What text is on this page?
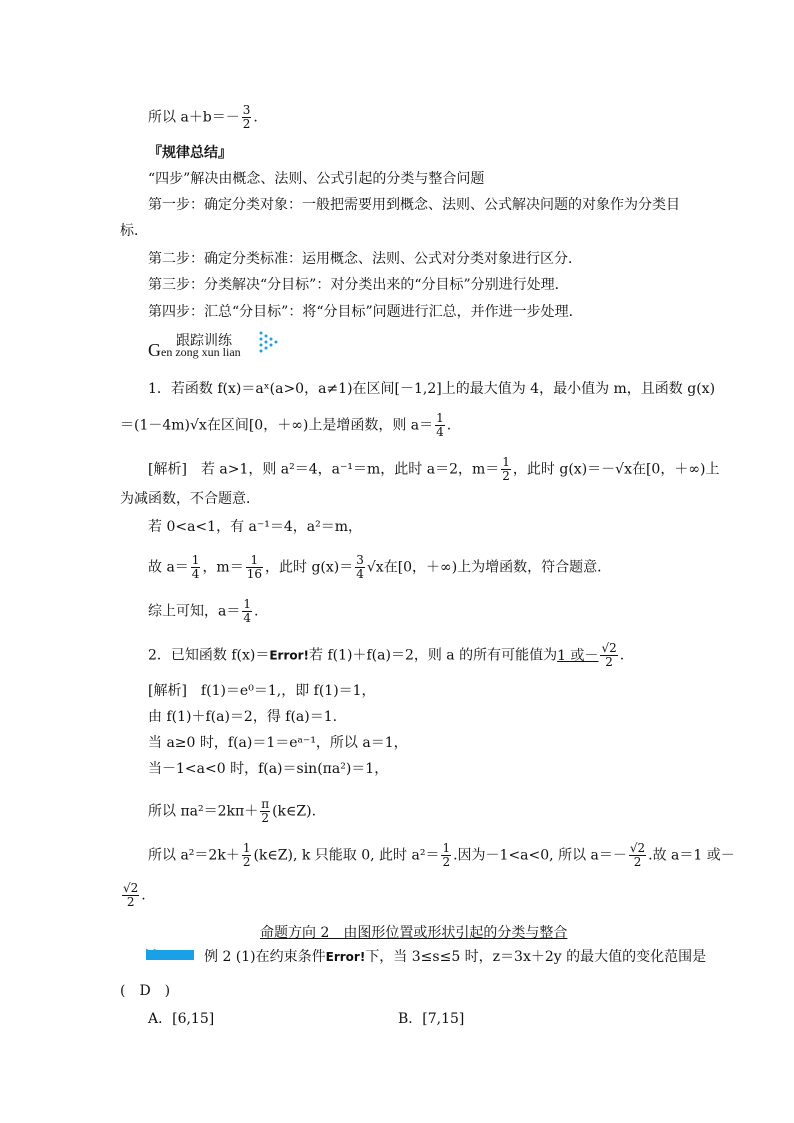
所以 $a+b=- \frac{3}{2}$ .
『规律总结』
“四步”解决由概念、法则、公式引起的分类与整合问题
第一步：确定分类对象：一般把需要用到概念、法则、公式解决问题的对象作为分类目
标．
第二步：确定分类标准：运用概念、法则、公式对分类对象进行区分．
第三步：分类解决“分目标”：对分类出来的“分目标”分别进行处理．
第四步：汇总“分目标”：将“分目标”问题进行汇总，并作进一步处理．
跟踪训练
Gen zong xun lian
1．若函数 f(x)＝aˣ(a>0，a≠1)在区间[－1,2]上的最大值为 4，最小值为 m，且函数 g(x)
＝(1－4m)√x在区间[0，＋∞)上是增函数，则 $a= \frac{1}{4}$ .
[解析]　若 a>1，则 a²＝4，a⁻¹＝m，此时 a＝2，$m= \frac{1}{2}$ ，此时 g(x)＝－√x在[0，＋∞)上
为减函数，不合题意．
若 0<a<1，有 a⁻¹＝4，a²＝m，
故 $a= \frac{1}{4}$ ，$m= \frac{1}{16}$ ，此时 $g(x)= \frac{3}{4} √x$在[0，＋∞)上为增函数，符合题意．
综上可知，$a= \frac{1}{4}$ .
2．已知函数 f(x)＝Error!若 f(1)＋f(a)＝2，则 a 的所有可能值为1 或－ $\frac{√2}{2}$ .
[解析]　f(1)＝e⁰＝1,，即 f(1)＝1，
由 f(1)＋f(a)＝2，得 f(a)＝1.
当 a≥0 时，f(a)＝1＝eᵃ⁻¹，所以 a＝1，
当－1<a<0 时，f(a)＝sin(πa²)＝1，
所以 $\pi a^2=2k\pi+ \frac{\pi}{2}$ (k∈Z).
所以 $a^2=2k+ \frac{1}{2}$ (k∈Z), k 只能取 0, 此时 $a^2= \frac{1}{2}$ .因为－1<a<0, 所以 $a=- \frac{√2}{2}$ .故 a＝1 或－
$\frac{√2}{2}$ .
命题方向 2　由图形位置或形状引起的分类与整合
▶▶	例 2 (1)在约束条件Error!下，当 3≤s≤5 时，z＝3x＋2y 的最大值的变化范围是
(　D　)
A．[6,15]	B．[7,15]
